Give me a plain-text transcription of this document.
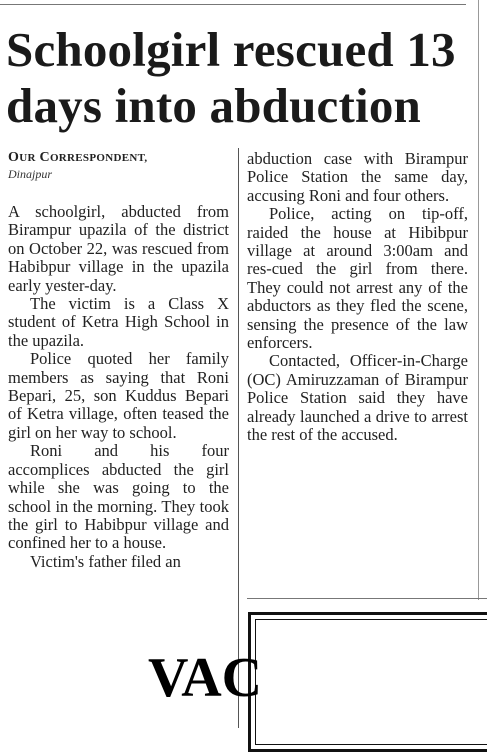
Schoolgirl rescued 13 days into abduction
OUR CORRESPONDENT,
Dinajpur

A schoolgirl, abducted from Birampur upazila of the district on October 22, was rescued from Habibpur village in the upazila early yester-day.

The victim is a Class X student of Ketra High School in the upazila.

Police quoted her family members as saying that Roni Bepari, 25, son Kuddus Bepari of Ketra village, often teased the girl on her way to school.

Roni and his four accomplices abducted the girl while she was going to the school in the morning. They took the girl to Habibpur village and confined her to a house.

Victim's father filed an

abduction case with Birampur Police Station the same day, accusing Roni and four others.

Police, acting on tip-off, raided the house at Hibibpur village at around 3:00am and res-cued the girl from there. They could not arrest any of the abductors as they fled the scene, sensing the presence of the law enforcers.

Contacted, Officer-in-Charge (OC) Amiruzzaman of Birampur Police Station said they have already launched a drive to arrest the rest of the accused.

VAC
